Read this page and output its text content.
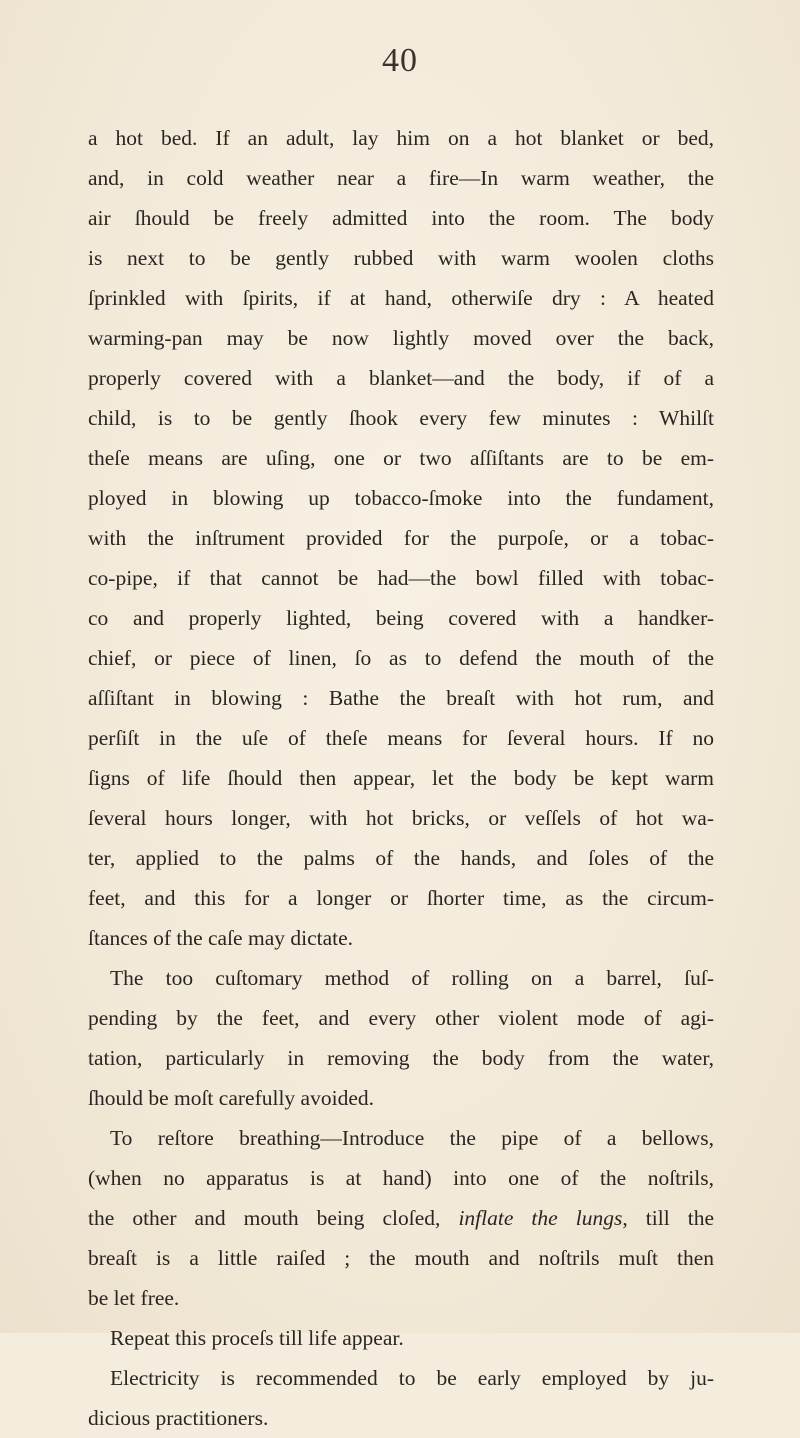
40
a hot bed. If an adult, lay him on a hot blanket or bed,
and, in cold weather near a fire—In warm weather, the
air ſhould be freely admitted into the room. The body
is next to be gently rubbed with warm woolen cloths
ſprinkled with ſpirits, if at hand, otherwiſe dry : A heated
warming-pan may be now lightly moved over the back,
properly covered with a blanket—and the body, if of a
child, is to be gently ſhook every few minutes : Whilſt
theſe means are uſing, one or two aſſiſtants are to be em-
ployed in blowing up tobacco-ſmoke into the fundament,
with the inſtrument provided for the purpoſe, or a tobac-
co-pipe, if that cannot be had—the bowl filled with tobac-
co and properly lighted, being covered with a handker-
chief, or piece of linen, ſo as to defend the mouth of the
aſſiſtant in blowing : Bathe the breaſt with hot rum, and
perſiſt in the uſe of theſe means for ſeveral hours. If no
ſigns of life ſhould then appear, let the body be kept warm
ſeveral hours longer, with hot bricks, or veſſels of hot wa-
ter, applied to the palms of the hands, and ſoles of the
feet, and this for a longer or ſhorter time, as the circum-
ſtances of the caſe may dictate.
The too cuſtomary method of rolling on a barrel, ſuſ-
pending by the feet, and every other violent mode of agi-
tation, particularly in removing the body from the water,
ſhould be moſt carefully avoided.
To reſtore breathing—Introduce the pipe of a bellows,
(when no apparatus is at hand) into one of the noſtrils,
the other and mouth being cloſed, inflate the lungs, till the
breaſt is a little raiſed ; the mouth and noſtrils muſt then
be let free.
Repeat this proceſs till life appear.
Electricity is recommended to be early employed by ju-
dicious practitioners.
